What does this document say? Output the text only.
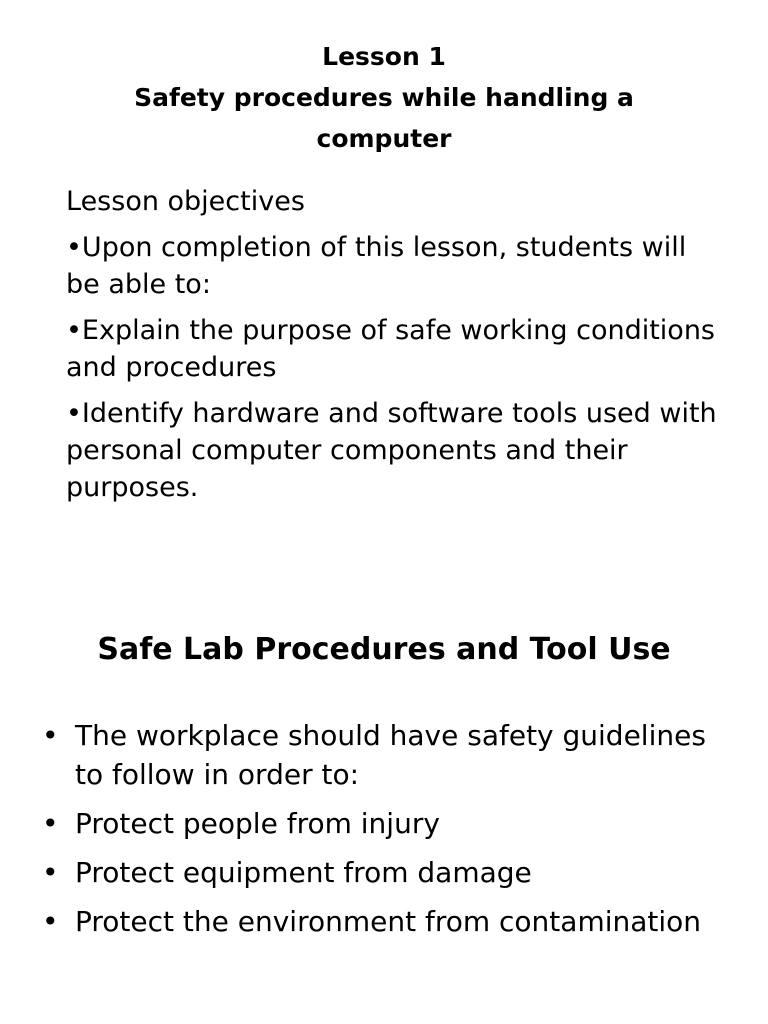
Lesson 1
Safety procedures while handling a
computer
Lesson objectives
•Upon completion of this lesson, students will be able to:
•Explain the purpose of safe working conditions and procedures
•Identify hardware and software tools used with personal computer components and their purposes.
Safe Lab Procedures and Tool Use
• The workplace should have safety guidelines to follow in order to:
• Protect people from injury
• Protect equipment from damage
• Protect the environment from contamination
